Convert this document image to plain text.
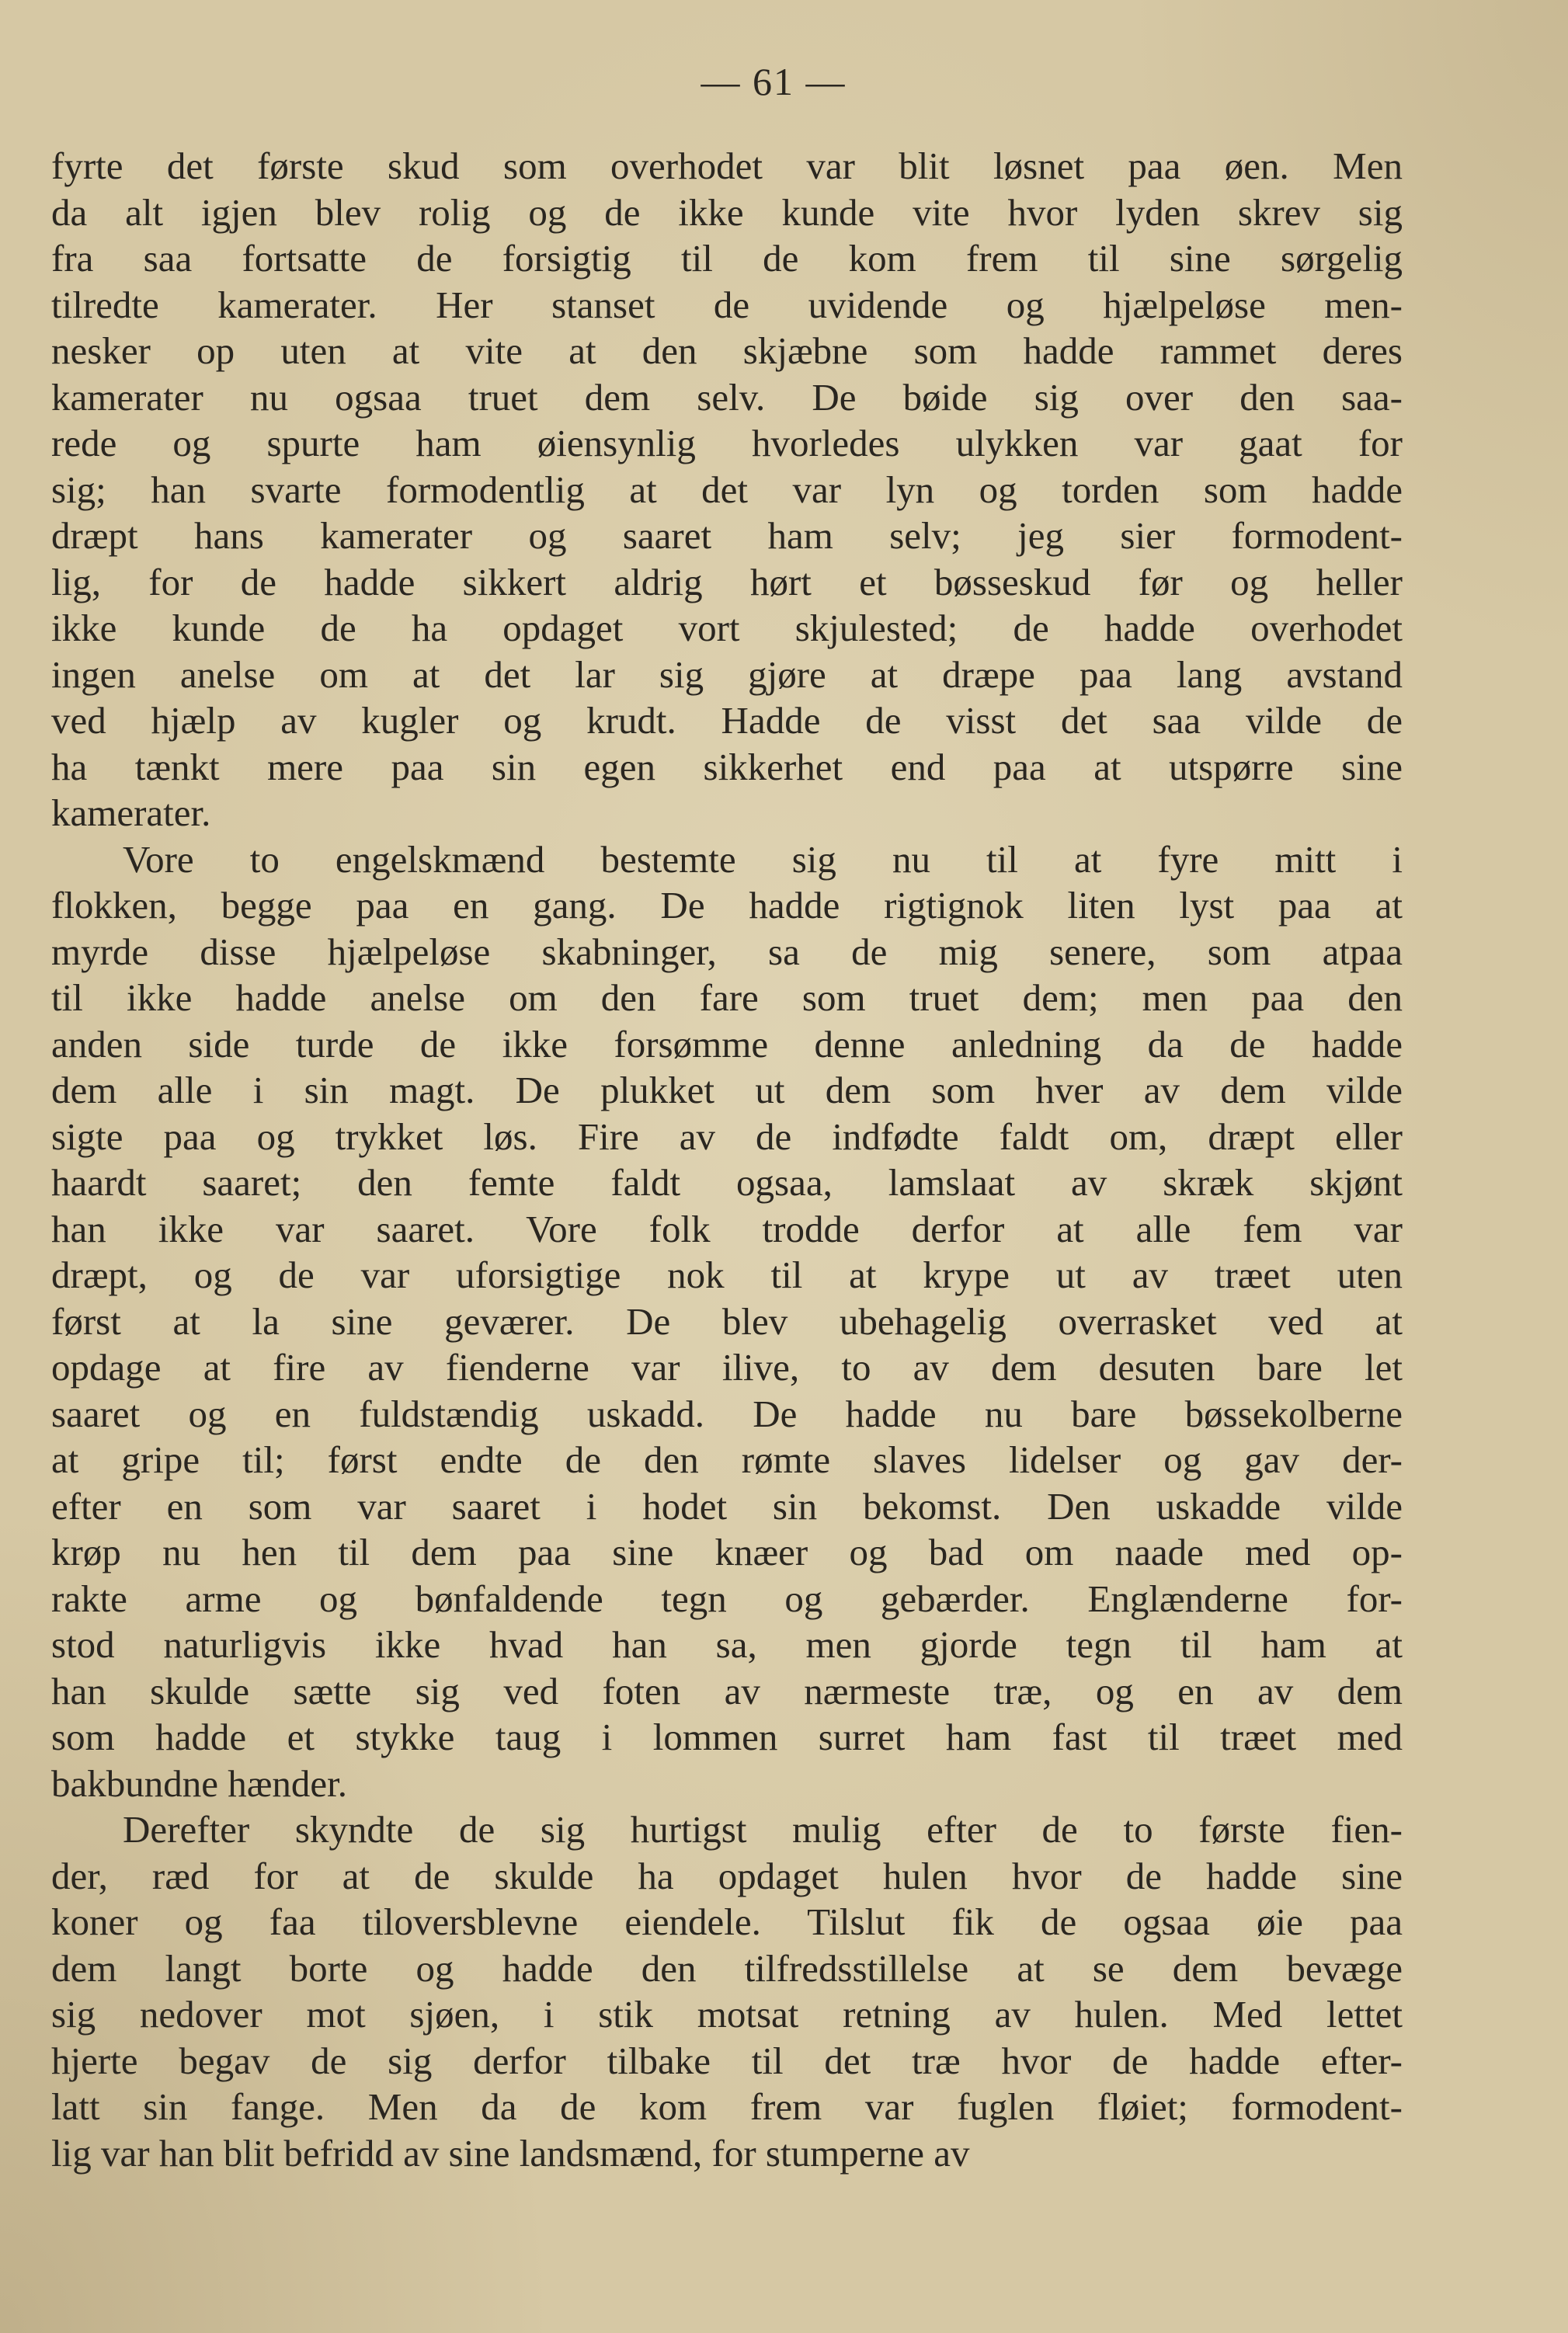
— 61 —
fyrte det første skud som overhodet var blit løsnet paa øen. Men
da alt igjen blev rolig og de ikke kunde vite hvor lyden skrev sig
fra saa fortsatte de forsigtig til de kom frem til sine sørgelig
tilredte kamerater. Her stanset de uvidende og hjælpeløse men-
nesker op uten at vite at den skjæbne som hadde rammet deres
kamerater nu ogsaa truet dem selv. De bøide sig over den saa-
rede og spurte ham øiensynlig hvorledes ulykken var gaat for
sig; han svarte formodentlig at det var lyn og torden som hadde
dræpt hans kamerater og saaret ham selv; jeg sier formodent-
lig, for de hadde sikkert aldrig hørt et bøsseskud før og heller
ikke kunde de ha opdaget vort skjulested; de hadde overhodet
ingen anelse om at det lar sig gjøre at dræpe paa lang avstand
ved hjælp av kugler og krudt. Hadde de visst det saa vilde de
ha tænkt mere paa sin egen sikkerhet end paa at utspørre sine
kamerater.
Vore to engelskmænd bestemte sig nu til at fyre mitt i
flokken, begge paa en gang. De hadde rigtignok liten lyst paa at
myrde disse hjælpeløse skabninger, sa de mig senere, som atpaa
til ikke hadde anelse om den fare som truet dem; men paa den
anden side turde de ikke forsømme denne anledning da de hadde
dem alle i sin magt. De plukket ut dem som hver av dem vilde
sigte paa og trykket løs. Fire av de indfødte faldt om, dræpt eller
haardt saaret; den femte faldt ogsaa, lamslaat av skræk skjønt
han ikke var saaret. Vore folk trodde derfor at alle fem var
dræpt, og de var uforsigtige nok til at krype ut av træet uten
først at la sine geværer. De blev ubehagelig overrasket ved at
opdage at fire av fienderne var ilive, to av dem desuten bare let
saaret og en fuldstændig uskadd. De hadde nu bare bøssekolberne
at gripe til; først endte de den rømte slaves lidelser og gav der-
efter en som var saaret i hodet sin bekomst. Den uskadde vilde
krøp nu hen til dem paa sine knæer og bad om naade med op-
rakte arme og bønfaldende tegn og gebærder. Englænderne for-
stod naturligvis ikke hvad han sa, men gjorde tegn til ham at
han skulde sætte sig ved foten av nærmeste træ, og en av dem
som hadde et stykke taug i lommen surret ham fast til træet med
bakbundne hænder.
Derefter skyndte de sig hurtigst mulig efter de to første fien-
der, ræd for at de skulde ha opdaget hulen hvor de hadde sine
koner og faa tiloversblevne eiendele. Tilslut fik de ogsaa øie paa
dem langt borte og hadde den tilfredsstillelse at se dem bevæge
sig nedover mot sjøen, i stik motsat retning av hulen. Med lettet
hjerte begav de sig derfor tilbake til det træ hvor de hadde efter-
latt sin fange. Men da de kom frem var fuglen fløiet; formodent-
lig var han blit befridd av sine landsmænd, for stumperne av
